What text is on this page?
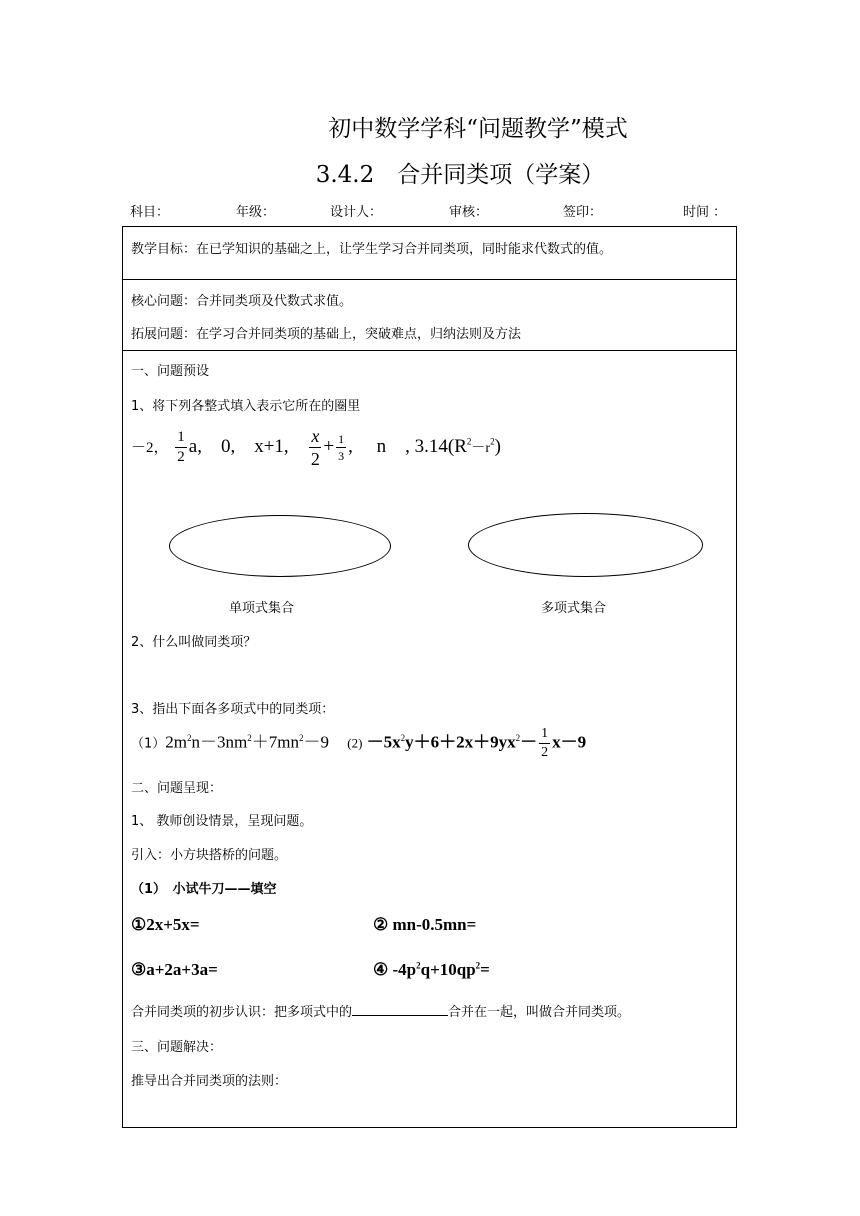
初中数学学科“问题教学”模式
3.4.2　合并同类项（学案）
科目：	年级：	设计人：	审核：	签印：	时间 ：
教学目标：在已学知识的基础之上，让学生学习合并同类项，同时能求代数式的值。
核心问题：合并同类项及代数式求值。
拓展问题：在学习合并同类项的基础上，突破难点，归纳法则及方法
一、问题预设
1、将下列各整式填入表示它所在的圈里
－2， $\frac{1}{2} a$,　0,　x+1, $\frac{x}{2} + \frac{1}{3}$ ,　 n　, $3.14(R^2-r^2)$
单项式集合	多项式集合
2、什么叫做同类项？
3、指出下面各多项式中的同类项：
$(1)2m^2n-3nm^2+7mn^2-9$ $(2) -5x^2y+6+2x+9yx^2- \frac{1}{2} x-9$
二、问题呈现：
1、 教师创设情景，呈现问题。
引入：小方块搭桥的问题。
（1）　小试牛刀——填空
①2x+5x=	② mn-0.5mn=
③a+2a+3a=	④ $-4p^2q+10qp^2=$
合并同类项的初步认识：把多项式中的	合并在一起，叫做合并同类项。
三、问题解决：
推导出合并同类项的法则：
